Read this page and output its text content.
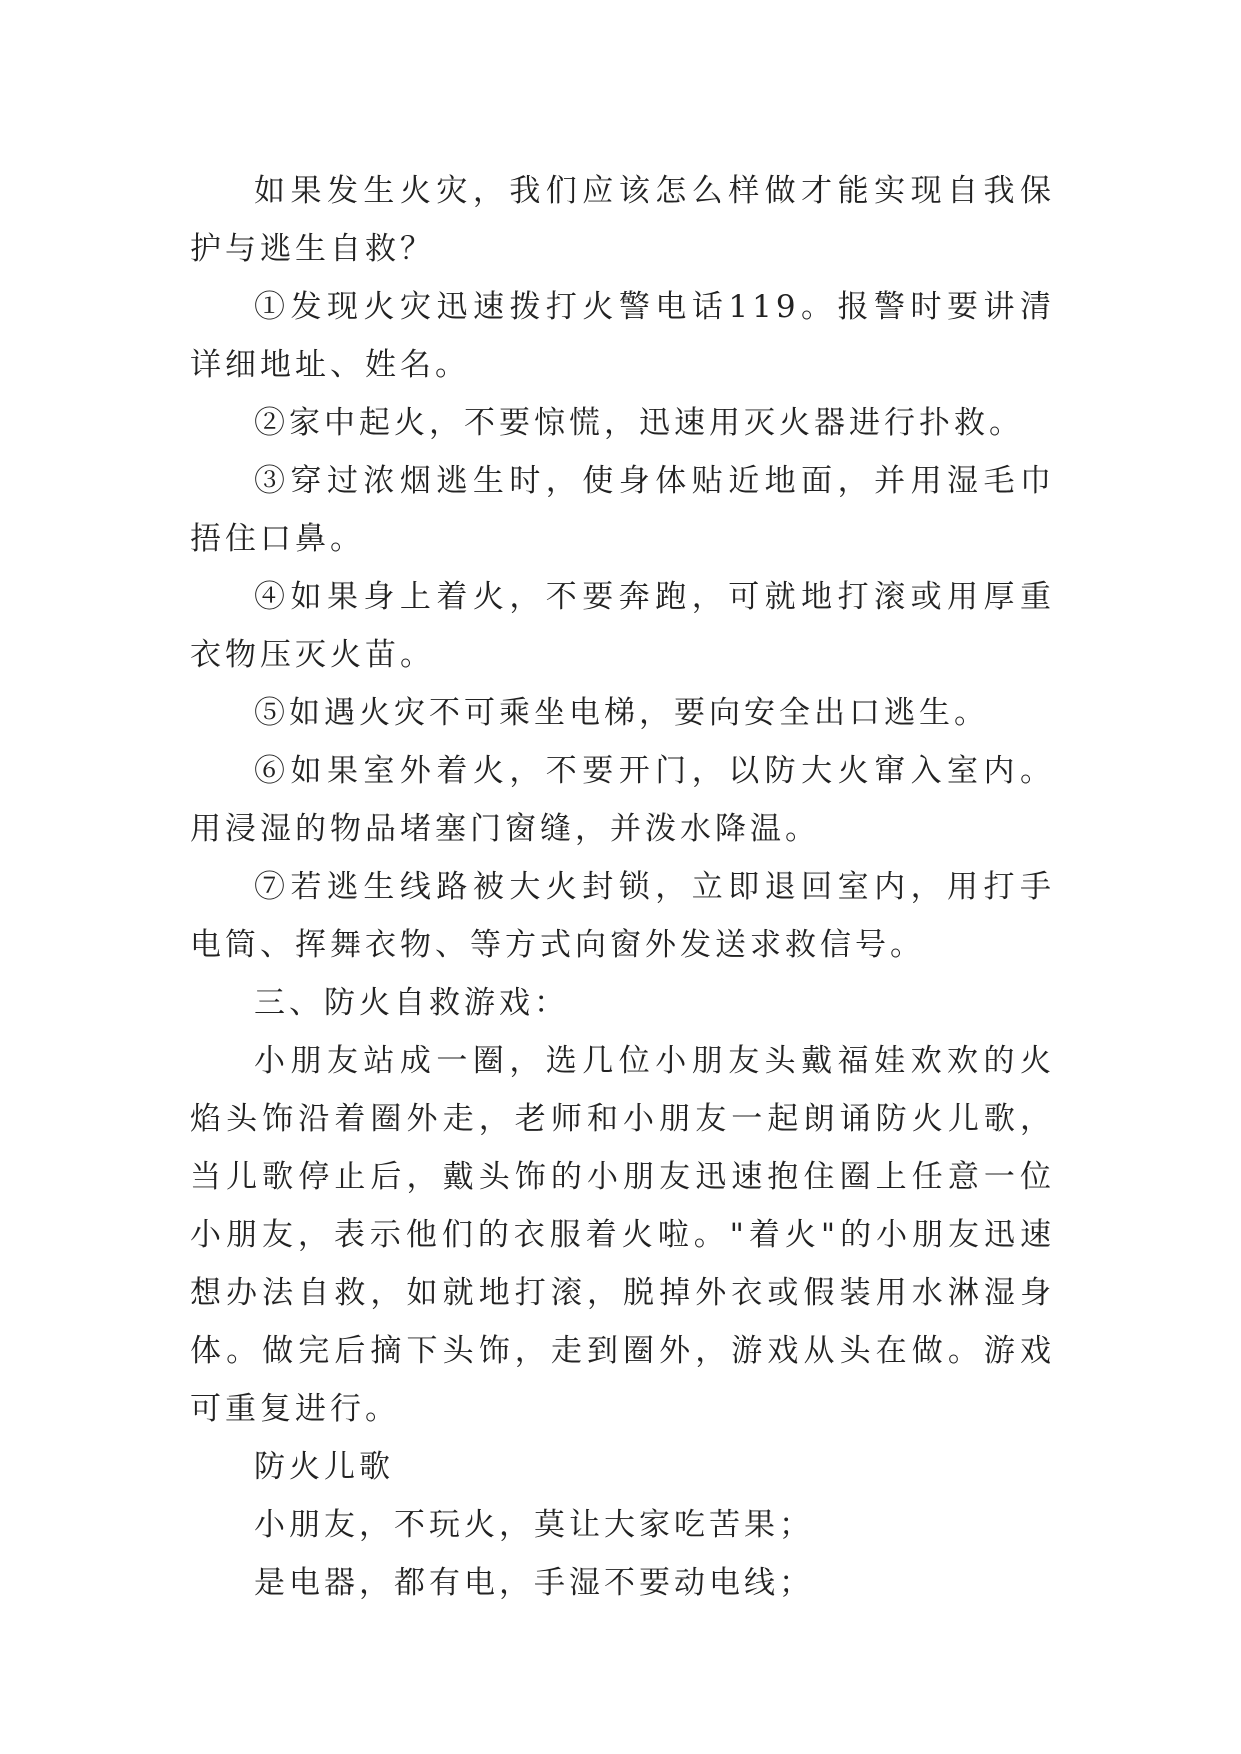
如果发生火灾，我们应该怎么样做才能实现自我保护与逃生自救？

①发现火灾迅速拨打火警电话119。报警时要讲清详细地址、姓名。

②家中起火，不要惊慌，迅速用灭火器进行扑救。

③穿过浓烟逃生时，使身体贴近地面，并用湿毛巾捂住口鼻。

④如果身上着火，不要奔跑，可就地打滚或用厚重衣物压灭火苗。

⑤如遇火灾不可乘坐电梯，要向安全出口逃生。

⑥如果室外着火，不要开门，以防大火窜入室内。用浸湿的物品堵塞门窗缝，并泼水降温。

⑦若逃生线路被大火封锁，立即退回室内，用打手电筒、挥舞衣物、等方式向窗外发送求救信号。

三、防火自救游戏：

小朋友站成一圈，选几位小朋友头戴福娃欢欢的火焰头饰沿着圈外走，老师和小朋友一起朗诵防火儿歌，当儿歌停止后，戴头饰的小朋友迅速抱住圈上任意一位小朋友，表示他们的衣服着火啦。"着火"的小朋友迅速想办法自救，如就地打滚，脱掉外衣或假装用水淋湿身体。做完后摘下头饰，走到圈外，游戏从头在做。游戏可重复进行。

防火儿歌

小朋友，不玩火，莫让大家吃苦果；

是电器，都有电，手湿不要动电线；
